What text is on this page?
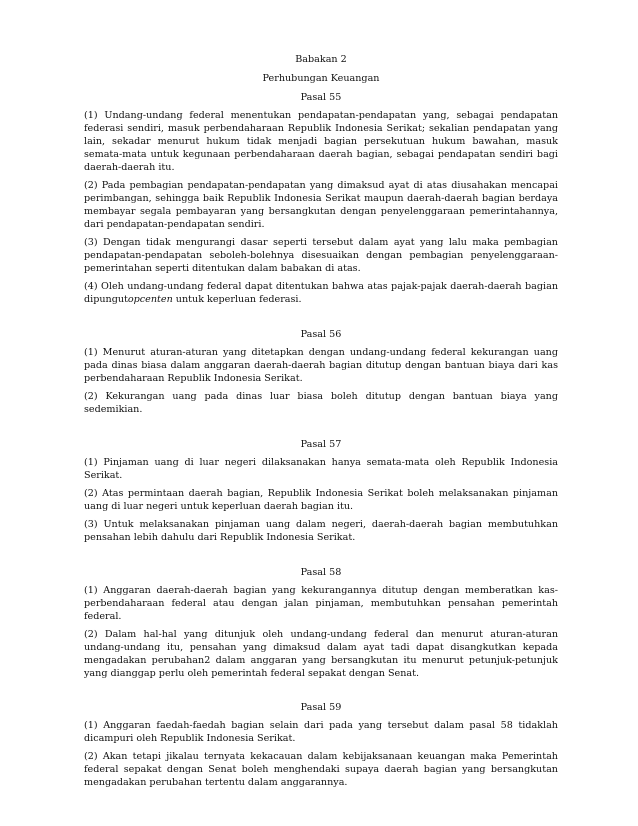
Babakan 2

Perhubungan Keuangan

Pasal 55

(1) Undang-undang federal menentukan pendapatan-pendapatan yang, sebagai pendapatan federasi sendiri, masuk perbendaharaan Republik Indonesia Serikat; sekalian pendapatan yang lain, sekadar menurut hukum tidak menjadi bagian persekutuan hukum bawahan, masuk semata-mata untuk kegunaan perbendaharaan daerah bagian, sebagai pendapatan sendiri bagi daerah-daerah itu.

(2) Pada pembagian pendapatan-pendapatan yang dimaksud ayat di atas diusahakan mencapai perimbangan, sehingga baik Republik Indonesia Serikat maupun daerah-daerah bagian berdaya membayar segala pembayaran yang bersangkutan dengan penyelenggaraan pemerintahannya, dari pendapatan-pendapatan sendiri.

(3) Dengan tidak mengurangi dasar seperti tersebut dalam ayat yang lalu maka pembagian pendapatan-pendapatan seboleh-bolehnya disesuaikan dengan pembagian penyelenggaraan-pemerintahan seperti ditentukan dalam babakan di atas.

(4) Oleh undang-undang federal dapat ditentukan bahwa atas pajak-pajak daerah-daerah bagian dipungutopcenten untuk keperluan federasi.

Pasal 56

(1) Menurut aturan-aturan yang ditetapkan dengan undang-undang federal kekurangan uang pada dinas biasa dalam anggaran daerah-daerah bagian ditutup dengan bantuan biaya dari kas perbendaharaan Republik Indonesia Serikat.

(2) Kekurangan uang pada dinas luar biasa boleh ditutup dengan bantuan biaya yang sedemikian.

Pasal 57

(1) Pinjaman uang di luar negeri dilaksanakan hanya semata-mata oleh Republik Indonesia Serikat.

(2) Atas permintaan daerah bagian, Republik Indonesia Serikat boleh melaksanakan pinjaman uang di luar negeri untuk keperluan daerah bagian itu.

(3) Untuk melaksanakan pinjaman uang dalam negeri, daerah-daerah bagian membutuhkan pensahan lebih dahulu dari Republik Indonesia Serikat.

Pasal 58

(1) Anggaran daerah-daerah bagian yang kekurangannya ditutup dengan memberatkan kas-perbendaharaan federal atau dengan jalan pinjaman, membutuhkan pensahan pemerintah federal.

(2) Dalam hal-hal yang ditunjuk oleh undang-undang federal dan menurut aturan-aturan undang-undang itu, pensahan yang dimaksud dalam ayat tadi dapat disangkutkan kepada mengadakan perubahan2 dalam anggaran yang bersangkutan itu menurut petunjuk-petunjuk yang dianggap perlu oleh pemerintah federal sepakat dengan Senat.

Pasal 59

(1) Anggaran faedah-faedah bagian selain dari pada yang tersebut dalam pasal 58 tidaklah dicampuri oleh Republik Indonesia Serikat.

(2) Akan tetapi jikalau ternyata kekacauan dalam kebijaksanaan keuangan maka Pemerintah federal sepakat dengan Senat boleh menghendaki supaya daerah bagian yang bersangkutan mengadakan perubahan tertentu dalam anggarannya.
